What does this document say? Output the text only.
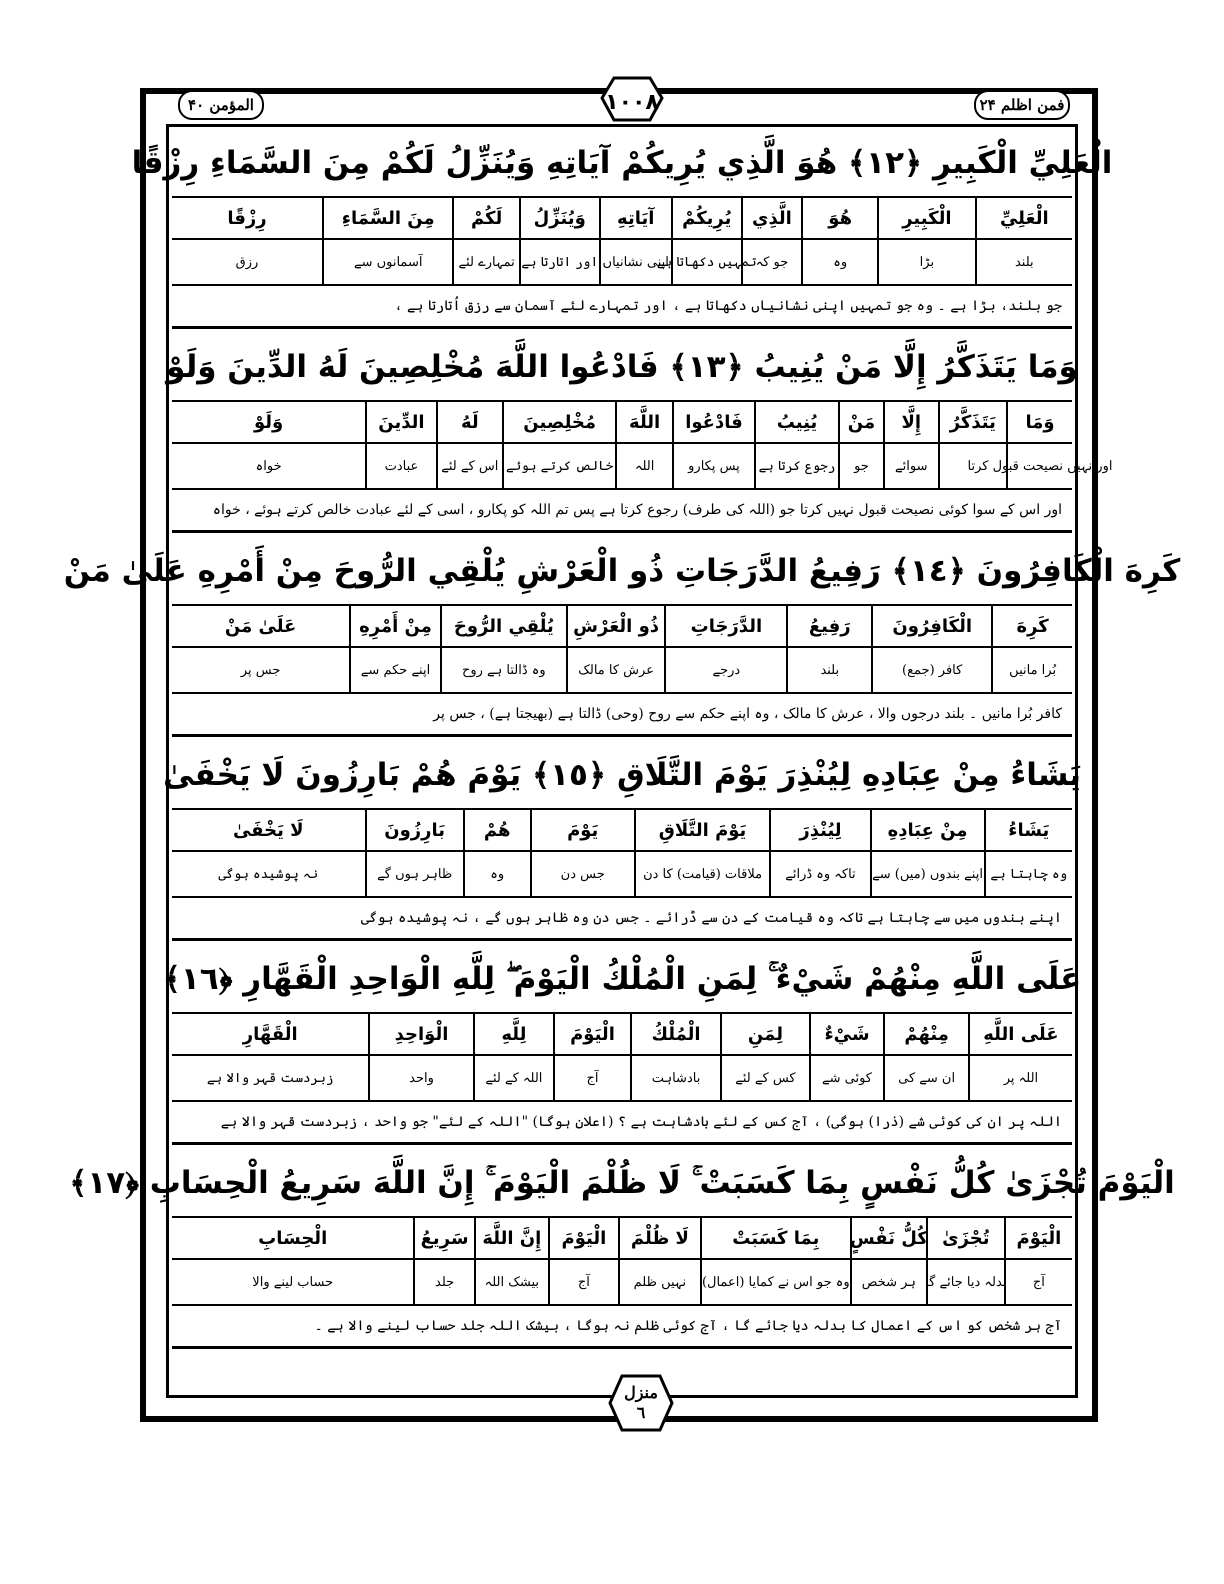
المؤمن ۴۰	فمن اظلم ۲۴
۱۰۰۸
الْعَلِيِّ الْكَبِيرِ ﴿١٢﴾ هُوَ الَّذِي يُرِيكُمْ آيَاتِهِ وَيُنَزِّلُ لَكُمْ مِنَ السَّمَاءِ رِزْقًا
الْعَلِيِّ
بلند
الْكَبِيرِ
بڑا
هُوَ
وہ
الَّذِي
جو کہ
يُرِيكُمْ
تمہیں دکھاتا ہے
آيَاتِهِ
اپنی نشانیاں
وَيُنَزِّلُ
اور اتارتا ہے
لَكُمْ
تمہارے لئے
مِنَ السَّمَاءِ
آسمانوں سے
رِزْقًا
رزق
جو بلند، بڑا ہے ۔ وہ جو تمہیں اپنی نشانیاں دکھاتا ہے ، اور تمہارے لئے آسمان سے رزق اُتارتا ہے ،
وَمَا يَتَذَكَّرُ إِلَّا مَنْ يُنِيبُ ﴿١٣﴾ فَادْعُوا اللَّهَ مُخْلِصِينَ لَهُ الدِّينَ وَلَوْ
وَمَا
اور نہیں نصیحت قبول کرتا
يَتَذَكَّرُ
إِلَّا
سوائے
مَنْ
جو
يُنِيبُ
رجوع کرتا ہے
فَادْعُوا
پس پکارو
اللَّهَ
اللہ
مُخْلِصِينَ
خالص کرتے ہوئے
لَهُ
اس کے لئے
الدِّينَ
عبادت
وَلَوْ
خواہ
اور اس کے سوا کوئی نصیحت قبول نہیں کرتا جو (اللہ کی طرف) رجوع کرتا ہے پس تم اللہ کو پکارو ، اسی کے لئے عبادت خالص کرتے ہوئے ، خواہ
كَرِهَ الْكَافِرُونَ ﴿١٤﴾ رَفِيعُ الدَّرَجَاتِ ذُو الْعَرْشِ يُلْقِي الرُّوحَ مِنْ أَمْرِهِ عَلَىٰ مَنْ
كَرِهَ
بُرا مانیں
الْكَافِرُونَ
کافر (جمع)
رَفِيعُ
بلند
الدَّرَجَاتِ
درجے
ذُو الْعَرْشِ
عرش کا مالک
يُلْقِي الرُّوحَ
وہ ڈالتا ہے روح
مِنْ أَمْرِهِ
اپنے حکم سے
عَلَىٰ مَنْ
جس پر
کافر بُرا مانیں ۔ بلند درجوں والا ، عرش کا مالک ، وہ اپنے حکم سے روح (وحی) ڈالتا ہے (بھیجتا ہے) ، جس پر
يَشَاءُ مِنْ عِبَادِهِ لِيُنْذِرَ يَوْمَ التَّلَاقِ ﴿١٥﴾ يَوْمَ هُمْ بَارِزُونَ لَا يَخْفَىٰ
يَشَاءُ
وہ چاہتا ہے
مِنْ عِبَادِهِ
اپنے بندوں (میں) سے
لِيُنْذِرَ
تاکہ وہ ڈرائے
يَوْمَ التَّلَاقِ
ملاقات (قیامت) کا دن
يَوْمَ
جس دن
هُمْ
وہ
بَارِزُونَ
ظاہر ہوں گے
لَا يَخْفَىٰ
نہ پوشیدہ ہوگی
اپنے بندوں میں سے چاہتا ہے تاکہ وہ قیامت کے دن سے ڈرائے ۔ جس دن وہ ظاہر ہوں گے ، نہ پوشیدہ ہوگی
عَلَى اللَّهِ مِنْهُمْ شَيْءٌ ۚ لِمَنِ الْمُلْكُ الْيَوْمَ ۖ لِلَّهِ الْوَاحِدِ الْقَهَّارِ ﴿١٦﴾
عَلَى اللَّهِ
اللہ پر
مِنْهُمْ
ان سے کی
شَيْءٌ
کوئی شے
لِمَنِ
کس کے لئے
الْمُلْكُ
بادشاہت
الْيَوْمَ
آج
لِلَّهِ
اللہ کے لئے
الْوَاحِدِ
واحد
الْقَهَّارِ
زبردست قہر والا ہے
اللہ پر ان کی کوئی شے (ذرا) ہوگی) ، آج کس کے لئے بادشاہت ہے ؟ (اعلان ہوگا) "اللہ کے لئے" جو واحد ، زبردست قہر والا ہے
الْيَوْمَ تُجْزَىٰ كُلُّ نَفْسٍ بِمَا كَسَبَتْ ۚ لَا ظُلْمَ الْيَوْمَ ۚ إِنَّ اللَّهَ سَرِيعُ الْحِسَابِ ﴿١٧﴾
الْيَوْمَ
آج
تُجْزَىٰ
بدلہ دیا جائے گا
كُلُّ نَفْسٍ
ہر شخص
بِمَا كَسَبَتْ
وہ جو اس نے کمایا (اعمال)
لَا ظُلْمَ
نہیں ظلم
الْيَوْمَ
آج
إِنَّ اللَّهَ
بیشک اللہ
سَرِيعُ
جلد
الْحِسَابِ
حساب لینے والا
آج ہر شخص کو اس کے اعمال کا بدلہ دیا جائے گا ، آج کوئی ظلم نہ ہوگا ، بیشک اللہ جلد حساب لینے والا ہے ۔
منزل
٦
